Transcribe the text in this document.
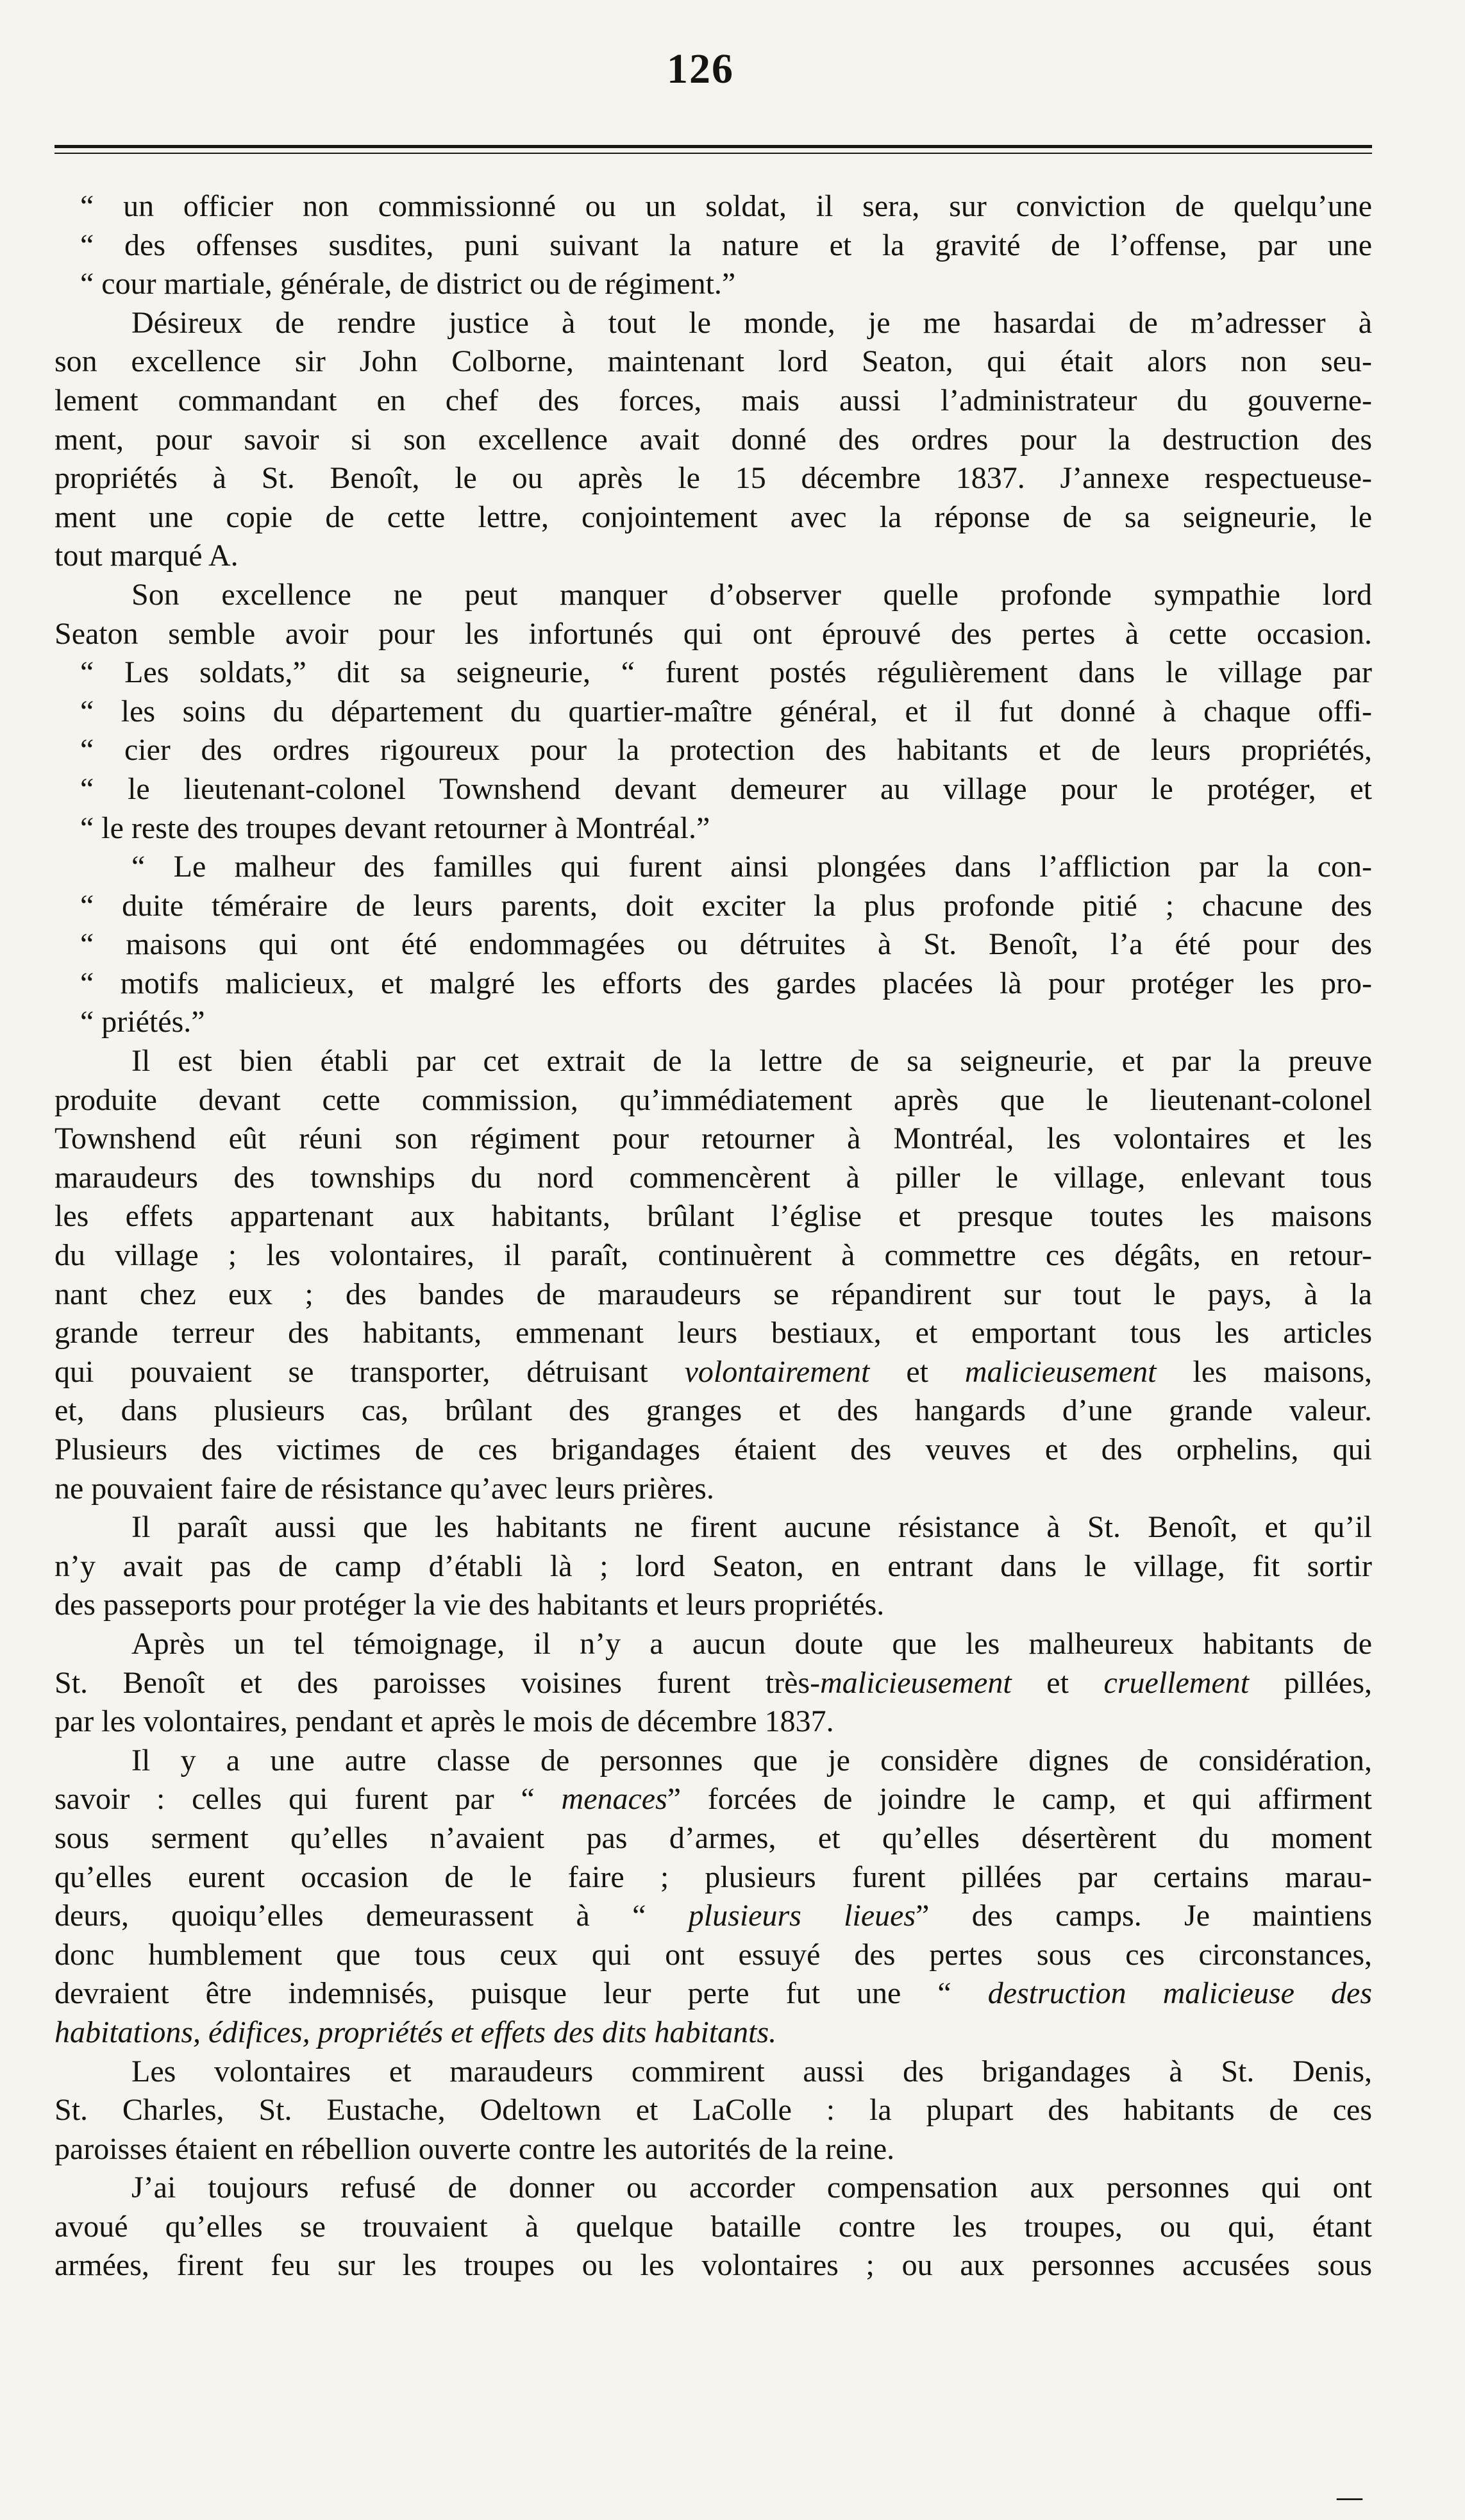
126
“ un officier non commissionné ou un soldat, il sera, sur conviction de quelqu’une
“ des offenses susdites, puni suivant la nature et la gravité de l’offense, par une
“ cour martiale, générale, de district ou de régiment.”
Désireux de rendre justice à tout le monde, je me hasardai de m’adresser à
son excellence sir John Colborne, maintenant lord Seaton, qui était alors non seu-
lement commandant en chef des forces, mais aussi l’administrateur du gouverne-
ment, pour savoir si son excellence avait donné des ordres pour la destruction des
propriétés à St. Benoît, le ou après le 15 décembre 1837. J’annexe respectueuse-
ment une copie de cette lettre, conjointement avec la réponse de sa seigneurie, le
tout marqué A.
Son excellence ne peut manquer d’observer quelle profonde sympathie lord
Seaton semble avoir pour les infortunés qui ont éprouvé des pertes à cette occasion.
“ Les soldats,” dit sa seigneurie, “ furent postés régulièrement dans le village par
“ les soins du département du quartier-maître général, et il fut donné à chaque offi-
“ cier des ordres rigoureux pour la protection des habitants et de leurs propriétés,
“ le lieutenant-colonel Townshend devant demeurer au village pour le protéger, et
“ le reste des troupes devant retourner à Montréal.”
“ Le malheur des familles qui furent ainsi plongées dans l’affliction par la con-
“ duite téméraire de leurs parents, doit exciter la plus profonde pitié ; chacune des
“ maisons qui ont été endommagées ou détruites à St. Benoît, l’a été pour des
“ motifs malicieux, et malgré les efforts des gardes placées là pour protéger les pro-
“ priétés.”
Il est bien établi par cet extrait de la lettre de sa seigneurie, et par la preuve
produite devant cette commission, qu’immédiatement après que le lieutenant-colonel
Townshend eût réuni son régiment pour retourner à Montréal, les volontaires et les
maraudeurs des townships du nord commencèrent à piller le village, enlevant tous
les effets appartenant aux habitants, brûlant l’église et presque toutes les maisons
du village ; les volontaires, il paraît, continuèrent à commettre ces dégâts, en retour-
nant chez eux ; des bandes de maraudeurs se répandirent sur tout le pays, à la
grande terreur des habitants, emmenant leurs bestiaux, et emportant tous les articles
qui pouvaient se transporter, détruisant volontairement et malicieusement les maisons,
et, dans plusieurs cas, brûlant des granges et des hangards d’une grande valeur.
Plusieurs des victimes de ces brigandages étaient des veuves et des orphelins, qui
ne pouvaient faire de résistance qu’avec leurs prières.
Il paraît aussi que les habitants ne firent aucune résistance à St. Benoît, et qu’il
n’y avait pas de camp d’établi là ; lord Seaton, en entrant dans le village, fit sortir
des passeports pour protéger la vie des habitants et leurs propriétés.
Après un tel témoignage, il n’y a aucun doute que les malheureux habitants de
St. Benoît et des paroisses voisines furent très-malicieusement et cruellement pillées,
par les volontaires, pendant et après le mois de décembre 1837.
Il y a une autre classe de personnes que je considère dignes de considération,
savoir : celles qui furent par “ menaces” forcées de joindre le camp, et qui affirment
sous serment qu’elles n’avaient pas d’armes, et qu’elles désertèrent du moment
qu’elles eurent occasion de le faire ; plusieurs furent pillées par certains marau-
deurs, quoiqu’elles demeurassent à “ plusieurs lieues” des camps. Je maintiens
donc humblement que tous ceux qui ont essuyé des pertes sous ces circonstances,
devraient être indemnisés, puisque leur perte fut une “ destruction malicieuse des
habitations, édifices, propriétés et effets des dits habitants.
Les volontaires et maraudeurs commirent aussi des brigandages à St. Denis,
St. Charles, St. Eustache, Odeltown et LaColle : la plupart des habitants de ces
paroisses étaient en rébellion ouverte contre les autorités de la reine.
J’ai toujours refusé de donner ou accorder compensation aux personnes qui ont
avoué qu’elles se trouvaient à quelque bataille contre les troupes, ou qui, étant
armées, firent feu sur les troupes ou les volontaires ; ou aux personnes accusées sous
—
